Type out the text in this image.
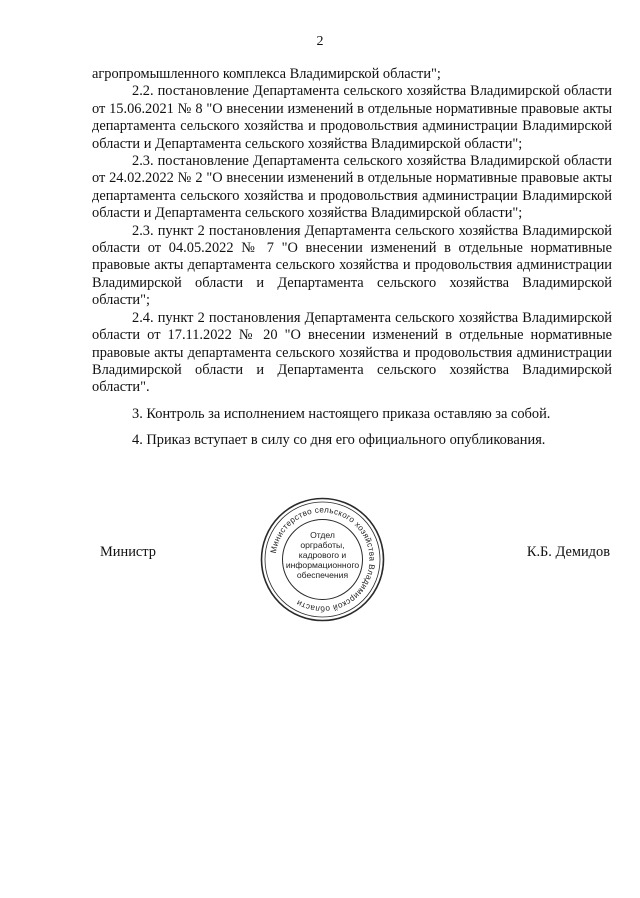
2

агропромышленного комплекса Владимирской области";

2.2. постановление Департамента сельского хозяйства Владимирской области от 15.06.2021 № 8 "О внесении изменений в отдельные нормативные правовые акты департамента сельского хозяйства и продовольствия администрации Владимирской области и Департамента сельского хозяйства Владимирской области";

2.3. постановление Департамента сельского хозяйства Владимирской области от 24.02.2022 № 2 "О внесении изменений в отдельные нормативные правовые акты департамента сельского хозяйства и продовольствия администрации Владимирской области и Департамента сельского хозяйства Владимирской области";

2.3. пункт 2 постановления Департамента сельского хозяйства Владимирской области от 04.05.2022 № 7 "О внесении изменений в отдельные нормативные правовые акты департамента сельского хозяйства и продовольствия администрации Владимирской области и Департамента сельского хозяйства Владимирской области";

2.4. пункт 2 постановления Департамента сельского хозяйства Владимирской области от 17.11.2022 № 20 "О внесении изменений в отдельные нормативные правовые акты департамента сельского хозяйства и продовольствия администрации Владимирской области и Департамента сельского хозяйства Владимирской области".

3. Контроль за исполнением настоящего приказа оставляю за собой.

4. Приказ вступает в силу со дня его официального опубликования.

Министр	К.Б. Демидов
Министерство сельского хозяйства Владимирской области
Отдел
оргработы,
кадрового и
информационного
обеспечения
